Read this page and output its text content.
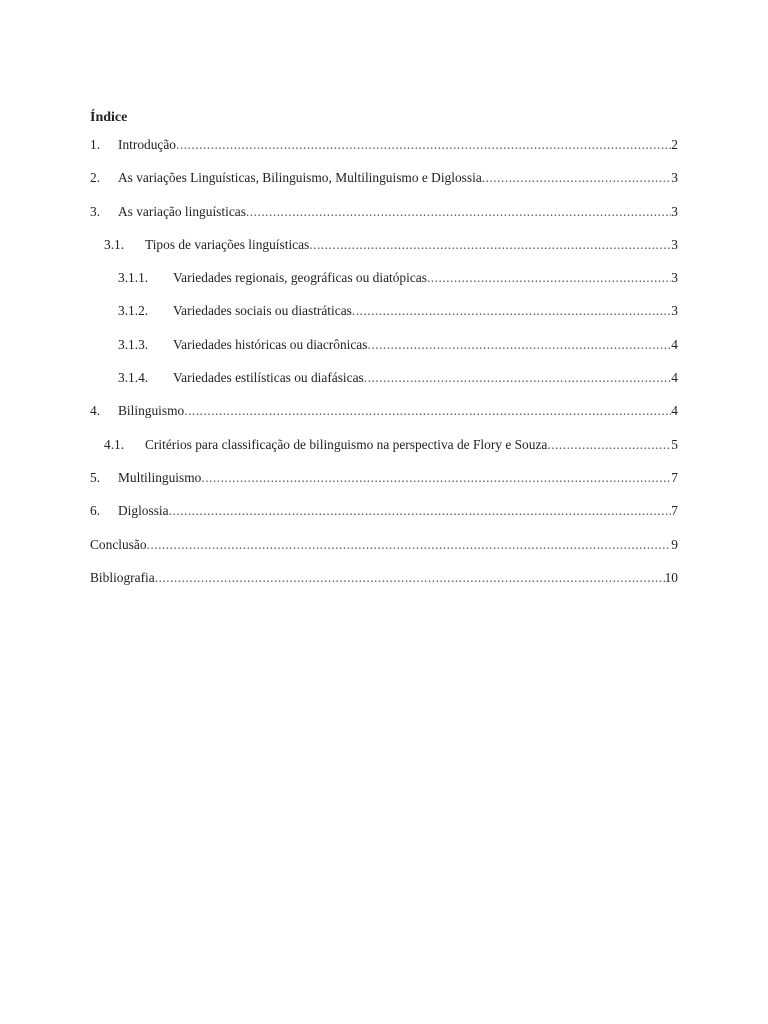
Índice
1.	Introdução .....	2
2.	As variações Linguísticas, Bilinguismo, Multilinguismo e Diglossia .....	3
3.	As variação linguísticas .....	3
3.1.	Tipos de variações linguísticas .....	3
3.1.1.	Variedades regionais, geográficas ou diatópicas .....	3
3.1.2.	Variedades sociais ou diastráticas .....	3
3.1.3.	Variedades históricas ou diacrônicas .....	4
3.1.4.	Variedades estilísticas ou diafásicas .....	4
4.	Bilinguismo .....	4
4.1.	Critérios para classificação de bilinguismo na perspectiva de Flory e Souza .....	5
5.	Multilinguismo .....	7
6.	Diglossia .....	7
Conclusão .....	9
Bibliografia .....	10
